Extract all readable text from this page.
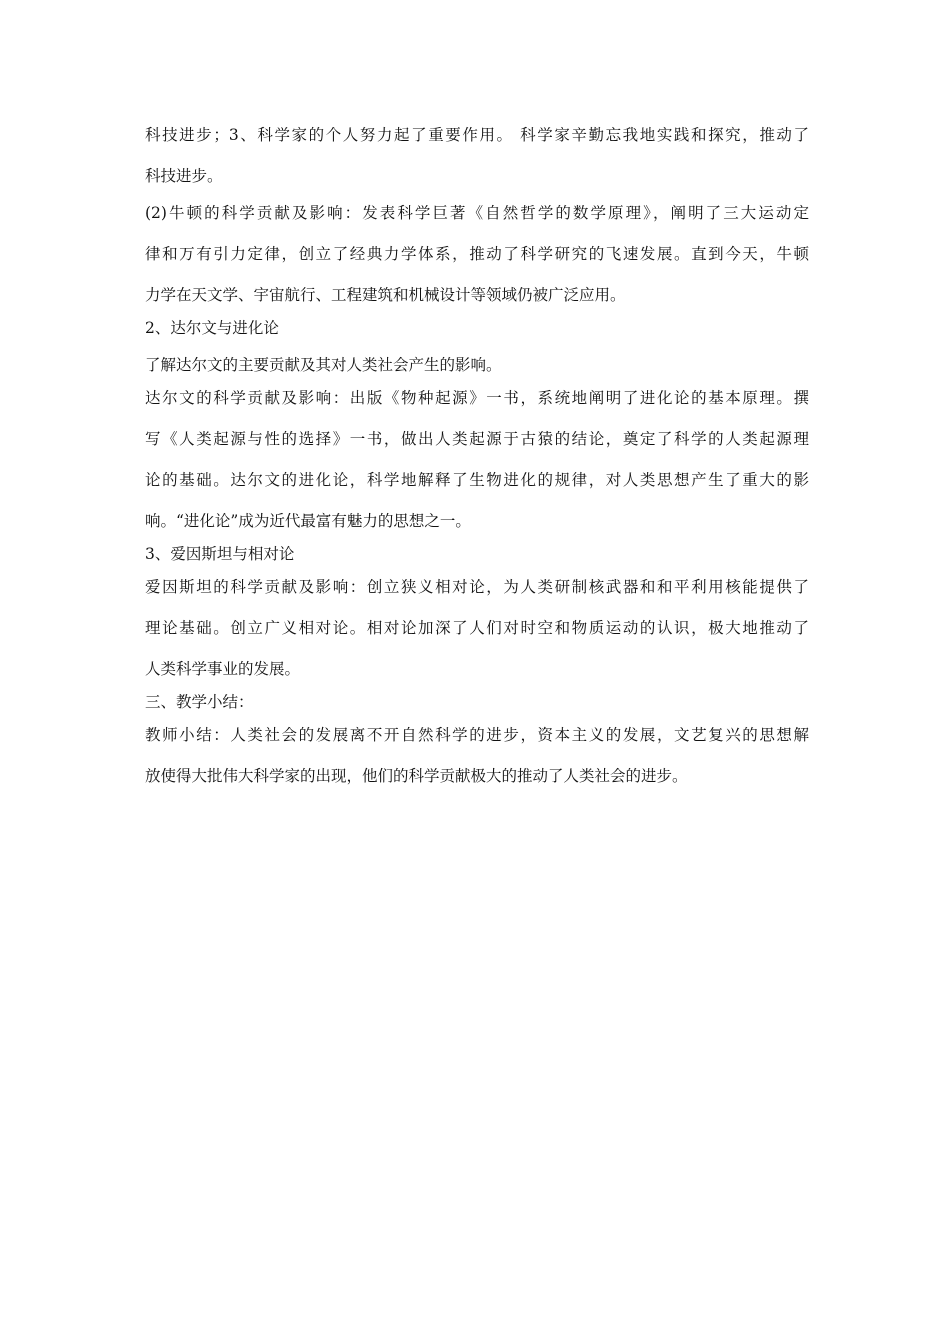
科技进步；3、科学家的个人努力起了重要作用。 科学家辛勤忘我地实践和探究，推动了
科技进步。
(2)牛顿的科学贡献及影响：发表科学巨著《自然哲学的数学原理》，阐明了三大运动定
律和万有引力定律，创立了经典力学体系，推动了科学研究的飞速发展。直到今天，牛顿
力学在天文学、宇宙航行、工程建筑和机械设计等领域仍被广泛应用。
2、达尔文与进化论
了解达尔文的主要贡献及其对人类社会产生的影响。
达尔文的科学贡献及影响：出版《物种起源》一书，系统地阐明了进化论的基本原理。撰
写《人类起源与性的选择》一书，做出人类起源于古猿的结论，奠定了科学的人类起源理
论的基础。达尔文的进化论，科学地解释了生物进化的规律，对人类思想产生了重大的影
响。“进化论”成为近代最富有魅力的思想之一。
3、爱因斯坦与相对论
爱因斯坦的科学贡献及影响：创立狭义相对论，为人类研制核武器和和平利用核能提供了
理论基础。创立广义相对论。相对论加深了人们对时空和物质运动的认识，极大地推动了
人类科学事业的发展。
三、教学小结：
教师小结：人类社会的发展离不开自然科学的进步，资本主义的发展，文艺复兴的思想解
放使得大批伟大科学家的出现，他们的科学贡献极大的推动了人类社会的进步。
